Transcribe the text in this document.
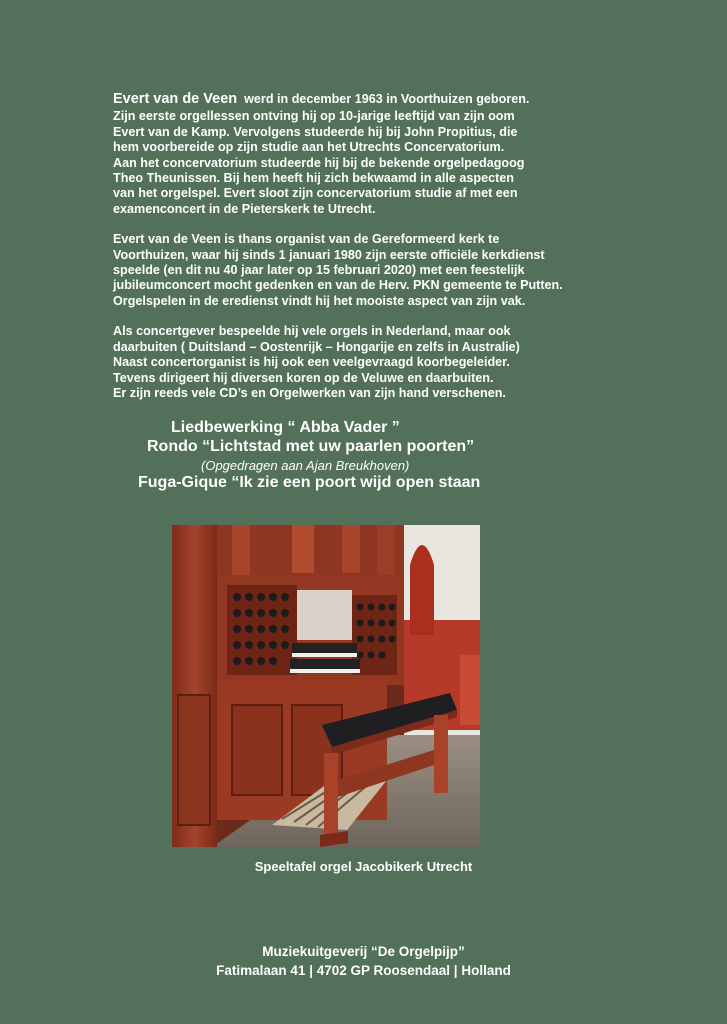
Evert van de Veen werd in december 1963 in Voorthuizen geboren.

Zijn eerste orgellessen ontving hij op 10-jarige leeftijd van zijn oom
Evert van de Kamp. Vervolgens studeerde hij bij John Propitius, die
hem voorbereide op zijn studie aan het Utrechts Concervatorium.
Aan het concervatorium studeerde hij bij de bekende orgelpedagoog
Theo Theunissen. Bij hem heeft hij zich bekwaamd in alle aspecten
van het orgelspel. Evert sloot zijn concervatorium studie af met een
examenconcert in de Pieterskerk te Utrecht.

Evert van de Veen is thans organist van de Gereformeerd kerk te
Voorthuizen, waar hij sinds 1 januari 1980 zijn eerste officiële kerkdienst
speelde (en dit nu 40 jaar later op 15 februari 2020) met een feestelijk
jubileumconcert mocht gedenken en van de Herv. PKN gemeente te Putten.
Orgelspelen in de eredienst vindt hij het mooiste aspect van zijn vak.

Als concertgever bespeelde hij vele orgels in Nederland, maar ook
daarbuiten ( Duitsland – Oostenrijk – Hongarije en zelfs in Australie)
Naast concertorganist is hij ook een veelgevraagd koorbegeleider.
Tevens dirigeert hij diversen koren op de Veluwe en daarbuiten.
Er zijn reeds vele CD’s en Orgelwerken van zijn hand verschenen.

Liedbewerking “ Abba Vader ”
Rondo “Lichtstad met uw paarlen poorten”
(Opgedragen aan Ajan Breukhoven)
Fuga-Gique “Ik zie een poort wijd open staan
Speeltafel orgel Jacobikerk Utrecht
Muziekuitgeverij “De Orgelpijp”
Fatimalaan 41 | 4702 GP Roosendaal | Holland
